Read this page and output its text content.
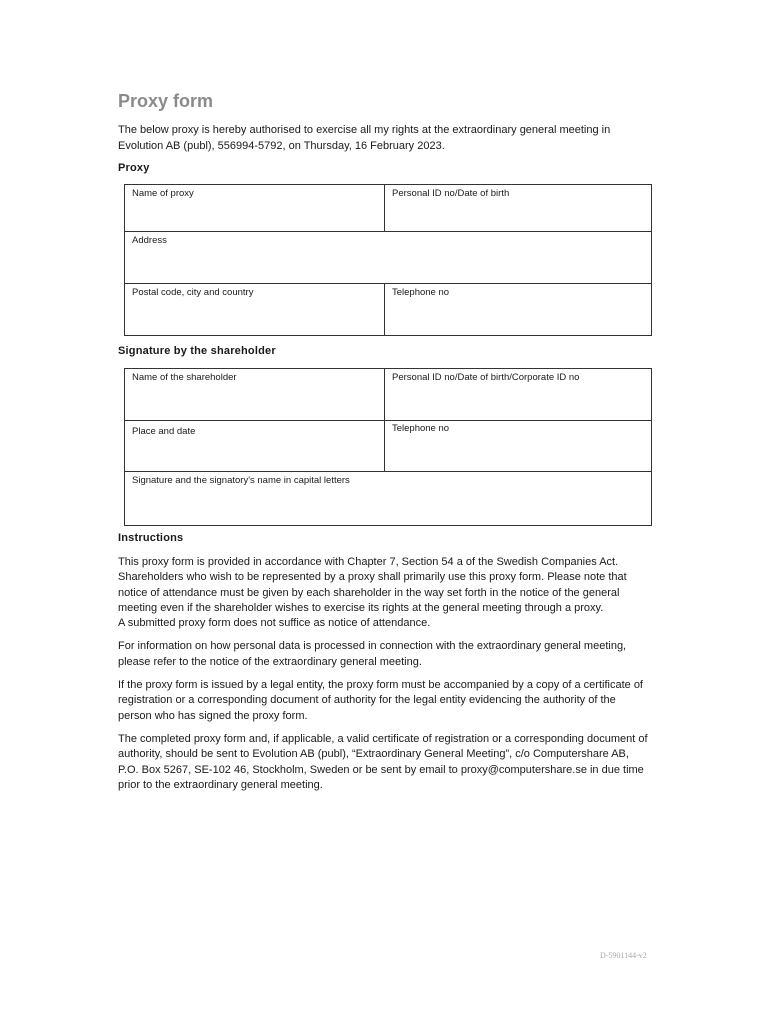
Proxy form

The below proxy is hereby authorised to exercise all my rights at the extraordinary general meeting in Evolution AB (publ), 556994-5792, on Thursday, 16 February 2023.

Proxy
Name of proxy	Personal ID no/Date of birth
Address	
Postal code, city and country	Telephone no
Signature by the shareholder
Name of the shareholder	Personal ID no/Date of birth/Corporate ID no
Place and date	Telephone no
Signature and the signatory's name in capital letters	
Instructions

This proxy form is provided in accordance with Chapter 7, Section 54 a of the Swedish Companies Act. Shareholders who wish to be represented by a proxy shall primarily use this proxy form. Please note that notice of attendance must be given by each shareholder in the way set forth in the notice of the general meeting even if the shareholder wishes to exercise its rights at the general meeting through a proxy.
A submitted proxy form does not suffice as notice of attendance.

For information on how personal data is processed in connection with the extraordinary general meeting, please refer to the notice of the extraordinary general meeting.

If the proxy form is issued by a legal entity, the proxy form must be accompanied by a copy of a certificate of registration or a corresponding document of authority for the legal entity evidencing the authority of the person who has signed the proxy form.

The completed proxy form and, if applicable, a valid certificate of registration or a corresponding document of authority, should be sent to Evolution AB (publ), “Extraordinary General Meeting”, c/o Computershare AB, P.O. Box 5267, SE-102 46, Stockholm, Sweden or be sent by email to proxy@computershare.se in due time prior to the extraordinary general meeting.

D-5901144-v2
